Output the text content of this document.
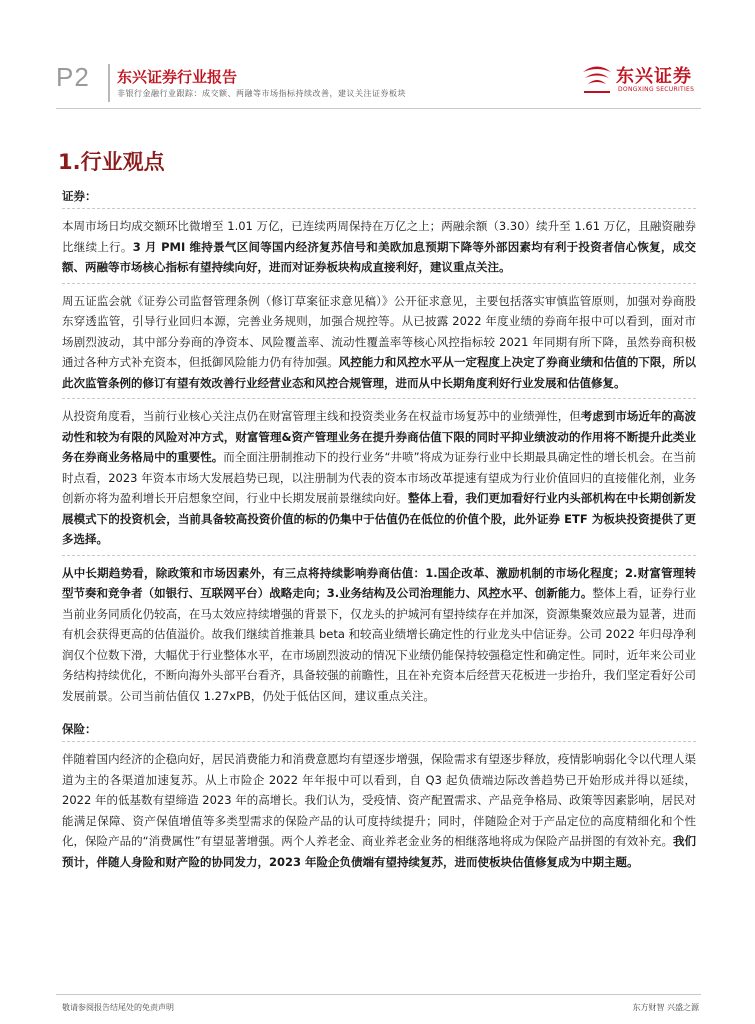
P2 东兴证券行业报告
非银行金融行业跟踪：成交额、两融等市场指标持续改善，建议关注证券板块
东兴证券
DONGXING SECURITIES
1.行业观点

证券：

本周市场日均成交额环比微增至 1.01 万亿，已连续两周保持在万亿之上；两融余额（3.30）续升至 1.61 万亿，且融资融券比继续上行。3 月 PMI 维持景气区间等国内经济复苏信号和美欧加息预期下降等外部因素均有利于投资者信心恢复，成交额、两融等市场核心指标有望持续向好，进而对证券板块构成直接利好，建议重点关注。

周五证监会就《证券公司监督管理条例（修订草案征求意见稿）》公开征求意见，主要包括落实审慎监管原则，加强对券商股东穿透监管，引导行业回归本源，完善业务规则，加强合规控等。从已披露 2022 年度业绩的券商年报中可以看到，面对市场剧烈波动，其中部分券商的净资本、风险覆盖率、流动性覆盖率等核心风控指标较 2021 年同期有所下降，虽然券商积极通过各种方式补充资本，但抵御风险能力仍有待加强。风控能力和风控水平从一定程度上决定了券商业绩和估值的下限，所以此次监管条例的修订有望有效改善行业经营业态和风控合规管理，进而从中长期角度利好行业发展和估值修复。

从投资角度看，当前行业核心关注点仍在财富管理主线和投资类业务在权益市场复苏中的业绩弹性，但考虑到市场近年的高波动性和较为有限的风险对冲方式，财富管理&资产管理业务在提升券商估值下限的同时平抑业绩波动的作用将不断提升此类业务在券商业务格局中的重要性。而全面注册制推动下的投行业务“井喷”将成为证券行业中长期最具确定性的增长机会。在当前时点看，2023 年资本市场大发展趋势已现，以注册制为代表的资本市场改革提速有望成为行业价值回归的直接催化剂，业务创新亦将为盈利增长开启想象空间，行业中长期发展前景继续向好。整体上看，我们更加看好行业内头部机构在中长期创新发展模式下的投资机会，当前具备较高投资价值的标的仍集中于估值仍在低位的价值个股，此外证券 ETF 为板块投资提供了更多选择。

从中长期趋势看，除政策和市场因素外，有三点将持续影响券商估值：1.国企改革、激励机制的市场化程度；2.财富管理转型节奏和竞争者（如银行、互联网平台）战略走向；3.业务结构及公司治理能力、风控水平、创新能力。整体上看，证券行业当前业务同质化仍较高，在马太效应持续增强的背景下，仅龙头的护城河有望持续存在并加深，资源集聚效应最为显著，进而有机会获得更高的估值溢价。故我们继续首推兼具 beta 和较高业绩增长确定性的行业龙头中信证券。公司 2022 年归母净利润仅个位数下滑，大幅优于行业整体水平，在市场剧烈波动的情况下业绩仍能保持较强稳定性和确定性。同时，近年来公司业务结构持续优化，不断向海外头部平台看齐，具备较强的前瞻性，且在补充资本后经营天花板进一步抬升，我们坚定看好公司发展前景。公司当前估值仅 1.27xPB，仍处于低估区间，建议重点关注。

保险：

伴随着国内经济的企稳向好，居民消费能力和消费意愿均有望逐步增强，保险需求有望逐步释放，疫情影响弱化令以代理人渠道为主的各渠道加速复苏。从上市险企 2022 年年报中可以看到，自 Q3 起负债端边际改善趋势已开始形成并得以延续，2022 年的低基数有望缔造 2023 年的高增长。我们认为，受疫情、资产配置需求、产品竞争格局、政策等因素影响，居民对能满足保障、资产保值增值等多类型需求的保险产品的认可度持续提升；同时，伴随险企对于产品定位的高度精细化和个性化，保险产品的“消费属性”有望显著增强。两个人养老金、商业养老金业务的相继落地将成为保险产品拼图的有效补充。我们预计，伴随人身险和财产险的协同发力，2023 年险企负债端有望持续复苏，进而使板块估值修复成为中期主题。

敬请参阅报告结尾处的免责声明	东方财智 兴盛之源
